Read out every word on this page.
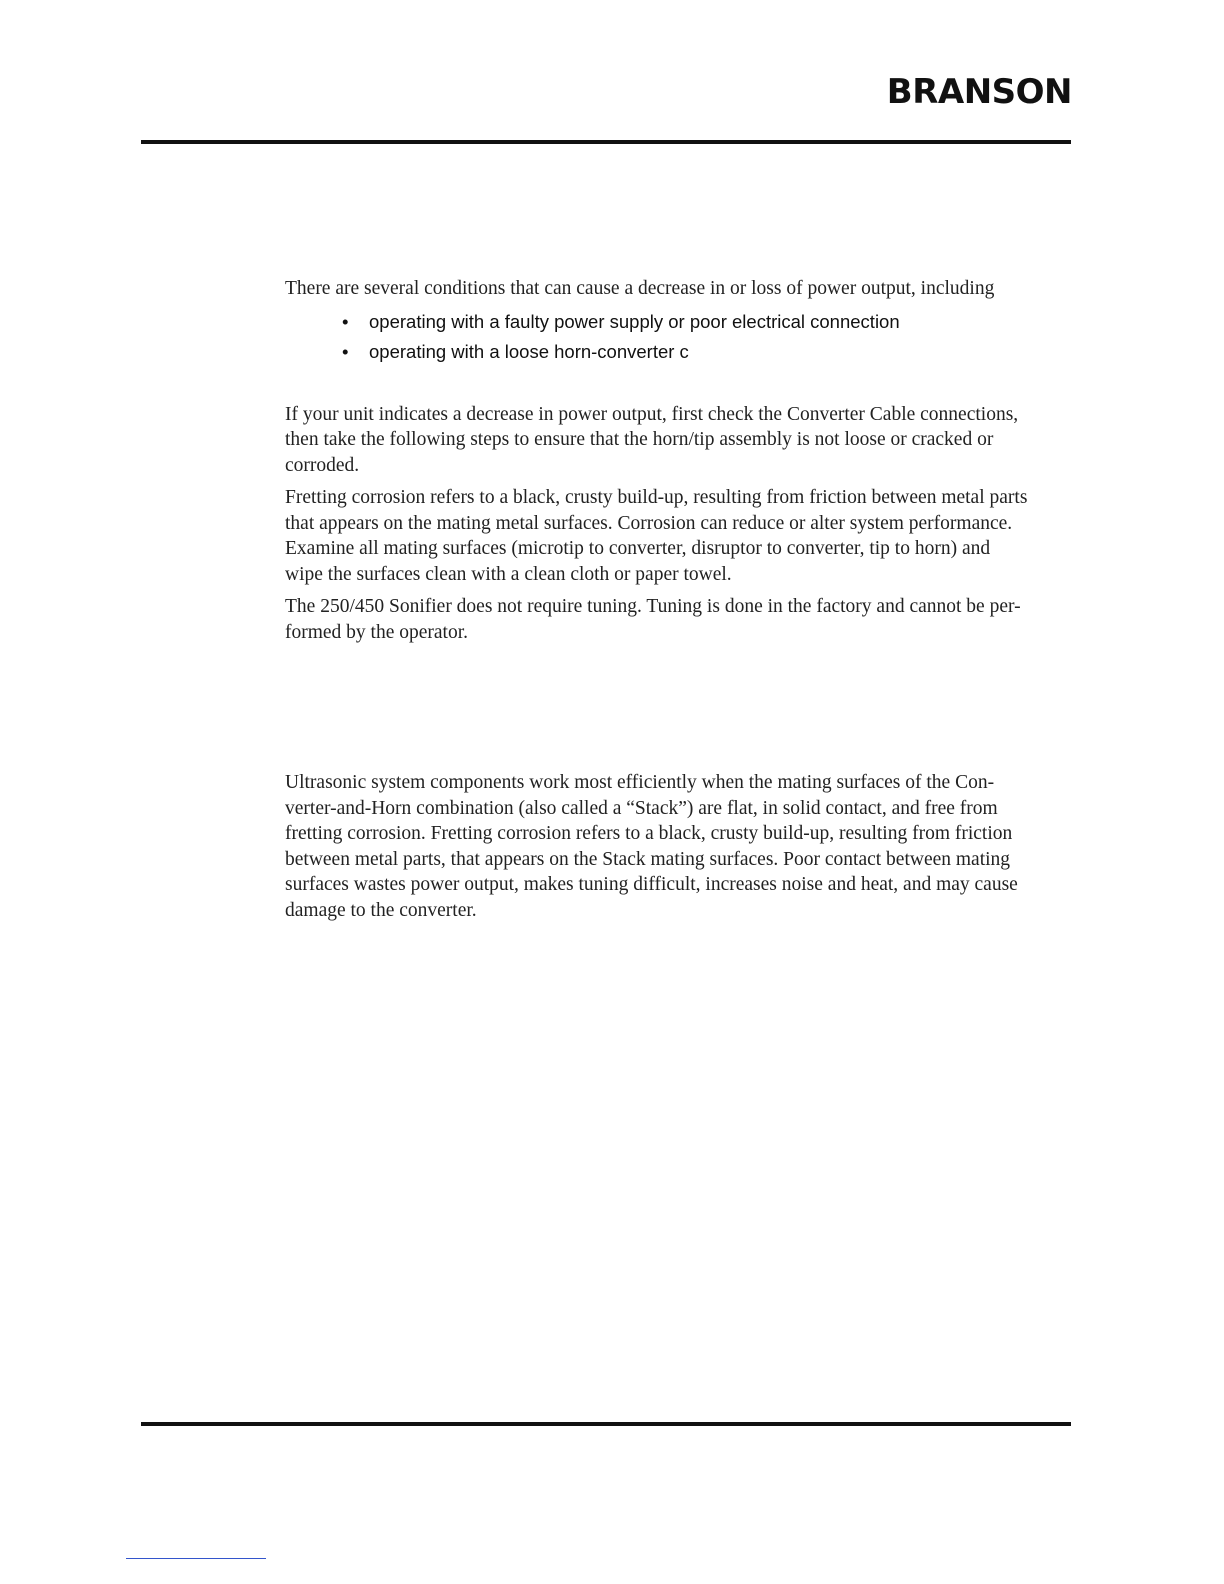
BRANSON

There are several conditions that can cause a decrease in or loss of power output, including

• operating with a faulty power supply or poor electrical connection
• operating with a loose horn-converter c

If your unit indicates a decrease in power output, first check the Converter Cable connections,
then take the following steps to ensure that the horn/tip assembly is not loose or cracked or
corroded.

Fretting corrosion refers to a black, crusty build-up, resulting from friction between metal parts
that appears on the mating metal surfaces. Corrosion can reduce or alter system performance.
Examine all mating surfaces (microtip to converter, disruptor to converter, tip to horn) and
wipe the surfaces clean with a clean cloth or paper towel.

The 250/450 Sonifier does not require tuning. Tuning is done in the factory and cannot be per-
formed by the operator.

Ultrasonic system components work most efficiently when the mating surfaces of the Con-
verter-and-Horn combination (also called a “Stack”) are flat, in solid contact, and free from
fretting corrosion. Fretting corrosion refers to a black, crusty build-up, resulting from friction
between metal parts, that appears on the Stack mating surfaces. Poor contact between mating
surfaces wastes power output, makes tuning difficult, increases noise and heat, and may cause
damage to the converter.
